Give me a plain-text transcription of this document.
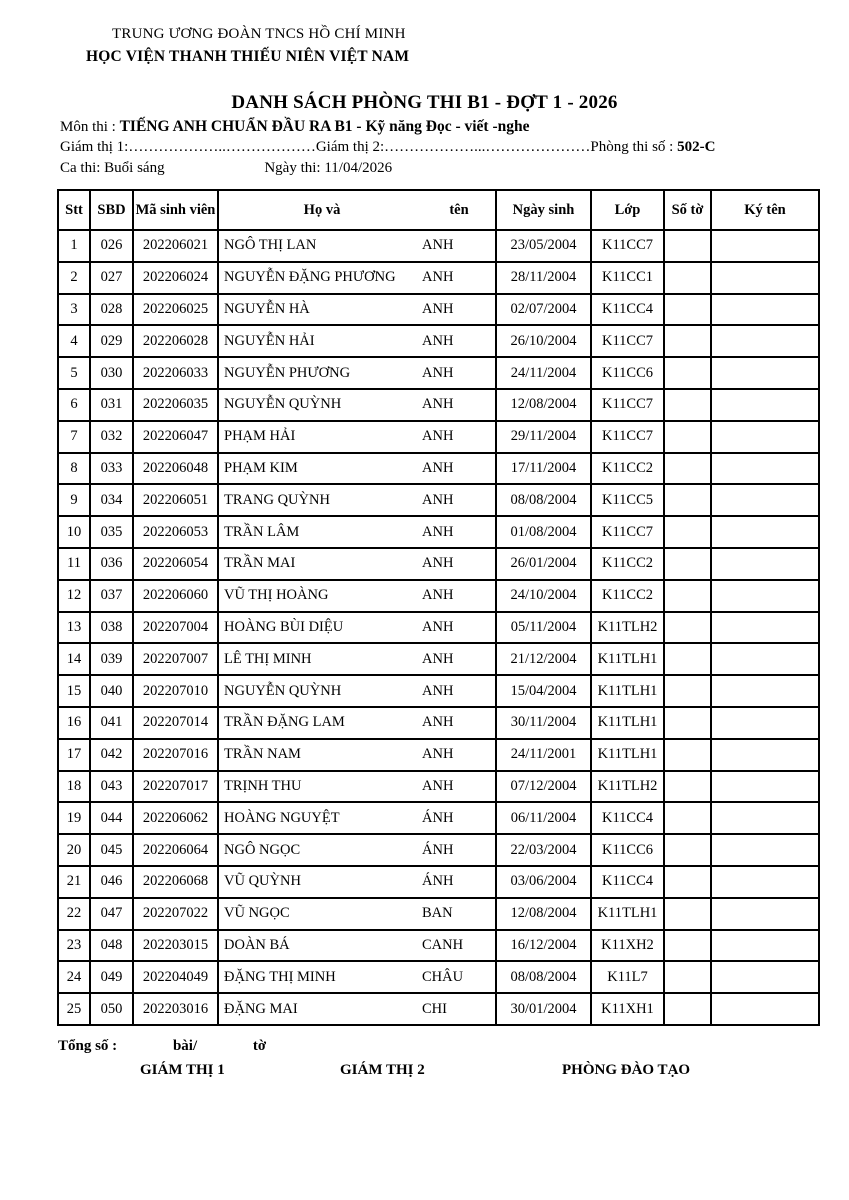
TRUNG ƯƠNG ĐOÀN TNCS HỒ CHÍ MINH
HỌC VIỆN THANH THIẾU NIÊN VIỆT NAM
DANH SÁCH PHÒNG THI B1 - ĐỢT 1 - 2026
Môn thi : TIẾNG ANH CHUẨN ĐẦU RA B1 - Kỹ năng Đọc - viết -nghe
Giám thị 1:………………..………………Giám thị 2:………………...…………………Phòng thi số : 502-C
Ca thi: Buổi sáng	Ngày thi: 11/04/2026
Stt	SBD	Mã sinh viên	Họ và tên	Ngày sinh	Lớp	Số tờ	Ký tên
1	026	202206021	NGÔ THỊ LAN ANH	23/05/2004	K11CC7		
2	027	202206024	NGUYỄN ĐẶNG PHƯƠNG ANH	28/11/2004	K11CC1		
3	028	202206025	NGUYỄN HÀ ANH	02/07/2004	K11CC4		
4	029	202206028	NGUYỄN HẢI ANH	26/10/2004	K11CC7		
5	030	202206033	NGUYỄN PHƯƠNG ANH	24/11/2004	K11CC6		
6	031	202206035	NGUYỄN QUỲNH ANH	12/08/2004	K11CC7		
7	032	202206047	PHẠM HẢI ANH	29/11/2004	K11CC7		
8	033	202206048	PHẠM KIM ANH	17/11/2004	K11CC2		
9	034	202206051	TRANG QUỲNH ANH	08/08/2004	K11CC5		
10	035	202206053	TRẦN LÂM ANH	01/08/2004	K11CC7		
11	036	202206054	TRẦN MAI ANH	26/01/2004	K11CC2		
12	037	202206060	VŨ THỊ HOÀNG ANH	24/10/2004	K11CC2		
13	038	202207004	HOÀNG BÙI DIỆU ANH	05/11/2004	K11TLH2		
14	039	202207007	LÊ THỊ MINH ANH	21/12/2004	K11TLH1		
15	040	202207010	NGUYỄN QUỲNH ANH	15/04/2004	K11TLH1		
16	041	202207014	TRẦN ĐẶNG LAM ANH	30/11/2004	K11TLH1		
17	042	202207016	TRẦN NAM ANH	24/11/2001	K11TLH1		
18	043	202207017	TRỊNH THU ANH	07/12/2004	K11TLH2		
19	044	202206062	HOÀNG NGUYỆT ÁNH	06/11/2004	K11CC4		
20	045	202206064	NGÔ NGỌC ÁNH	22/03/2004	K11CC6		
21	046	202206068	VŨ QUỲNH ÁNH	03/06/2004	K11CC4		
22	047	202207022	VŨ NGỌC BAN	12/08/2004	K11TLH1		
23	048	202203015	DOÀN BÁ CANH	16/12/2004	K11XH2		
24	049	202204049	ĐẶNG THỊ MINH CHÂU	08/08/2004	K11L7		
25	050	202203016	ĐẶNG MAI CHI	30/01/2004	K11XH1		
Tổng số :	bài/	tờ
GIÁM THỊ 1	GIÁM THỊ 2	PHÒNG ĐÀO TẠO
